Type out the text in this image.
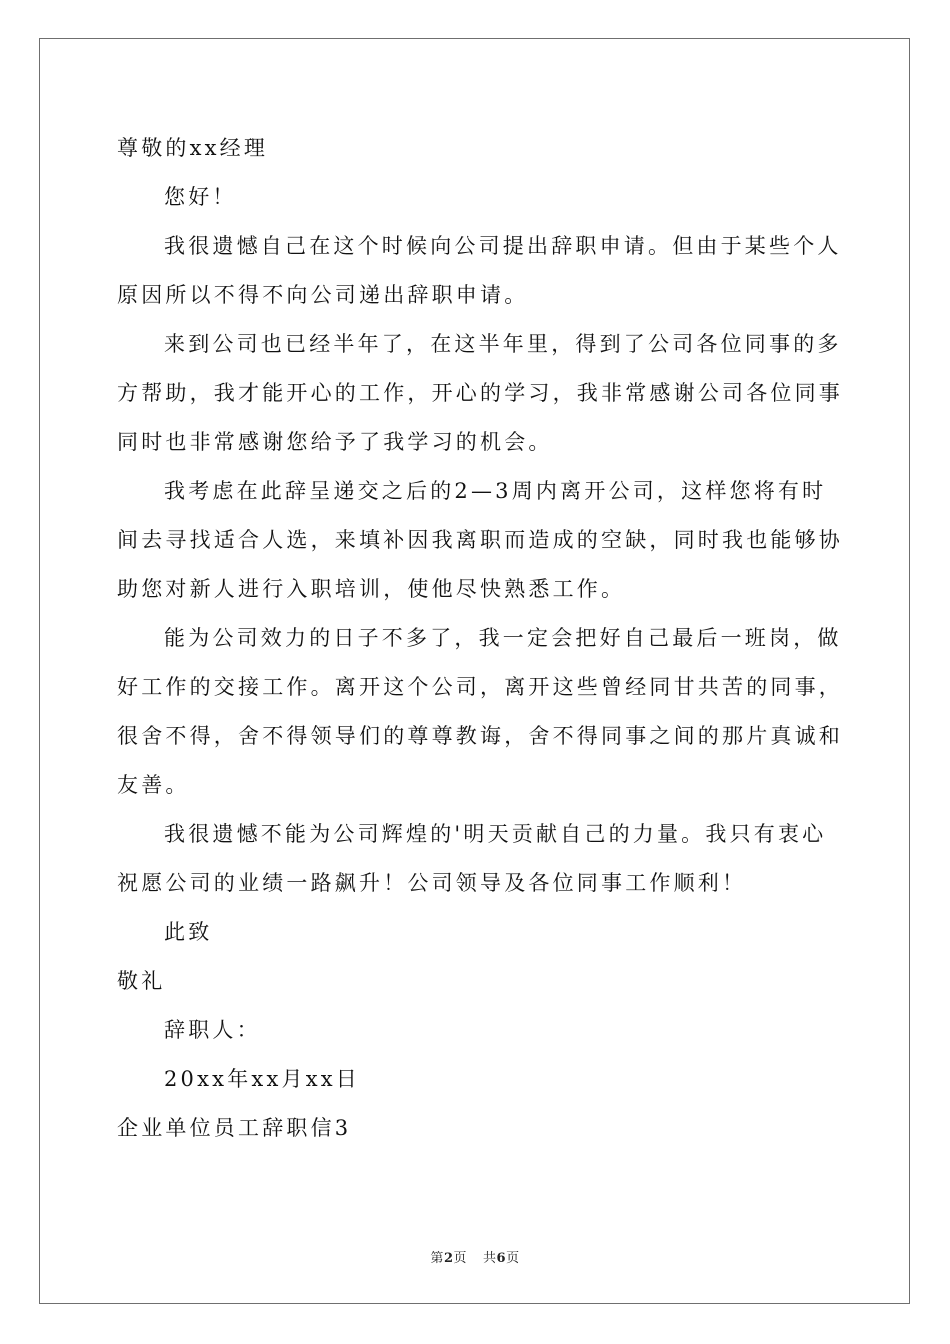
尊敬的xx经理
您好！
我很遗憾自己在这个时候向公司提出辞职申请。但由于某些个人
原因所以不得不向公司递出辞职申请。
来到公司也已经半年了，在这半年里，得到了公司各位同事的多
方帮助，我才能开心的工作，开心的学习，我非常感谢公司各位同事
同时也非常感谢您给予了我学习的机会。
我考虑在此辞呈递交之后的2—3周内离开公司，这样您将有时
间去寻找适合人选，来填补因我离职而造成的空缺，同时我也能够协
助您对新人进行入职培训，使他尽快熟悉工作。
能为公司效力的日子不多了，我一定会把好自己最后一班岗，做
好工作的交接工作。离开这个公司，离开这些曾经同甘共苦的同事，
很舍不得，舍不得领导们的尊尊教诲，舍不得同事之间的那片真诚和
友善。
我很遗憾不能为公司辉煌的'明天贡献自己的力量。我只有衷心
祝愿公司的业绩一路飙升！公司领导及各位同事工作顺利！
此致
敬礼
辞职人：
20xx年xx月xx日
企业单位员工辞职信3
第2页 共6页
